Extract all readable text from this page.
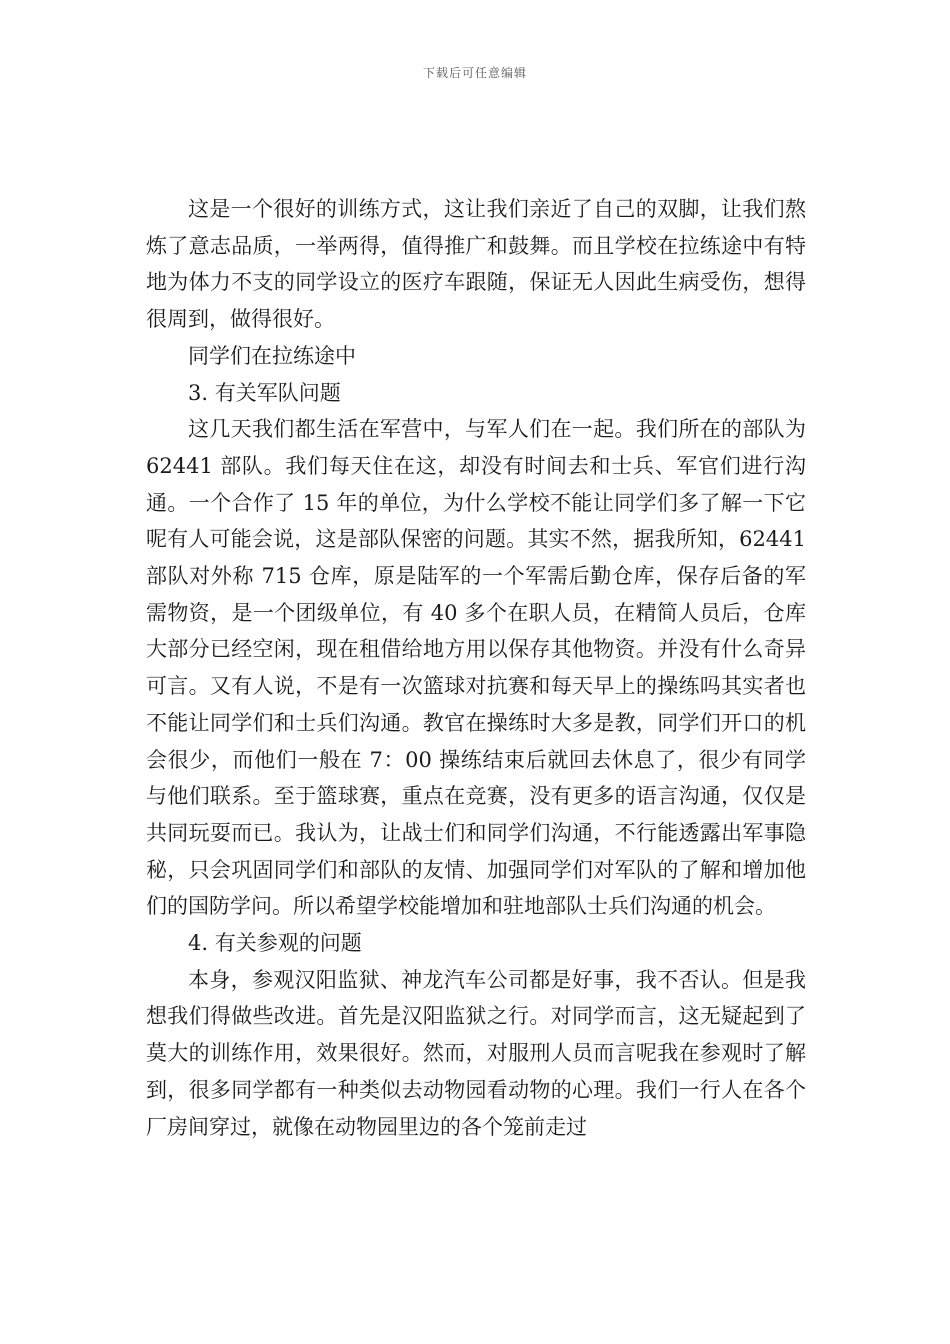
下载后可任意编辑

这是一个很好的训练方式，这让我们亲近了自己的双脚，让我们熬炼了意志品质，一举两得，值得推广和鼓舞。而且学校在拉练途中有特地为体力不支的同学设立的医疗车跟随，保证无人因此生病受伤，想得很周到，做得很好。

同学们在拉练途中

3. 有关军队问题

这几天我们都生活在军营中，与军人们在一起。我们所在的部队为 62441 部队。我们每天住在这，却没有时间去和士兵、军官们进行沟通。一个合作了 15 年的单位，为什么学校不能让同学们多了解一下它呢有人可能会说，这是部队保密的问题。其实不然，据我所知，62441 部队对外称 715 仓库，原是陆军的一个军需后勤仓库，保存后备的军需物资，是一个团级单位，有 40 多个在职人员，在精简人员后，仓库大部分已经空闲，现在租借给地方用以保存其他物资。并没有什么奇异可言。又有人说，不是有一次篮球对抗赛和每天早上的操练吗其实者也不能让同学们和士兵们沟通。教官在操练时大多是教，同学们开口的机会很少，而他们一般在 7：00 操练结束后就回去休息了，很少有同学与他们联系。至于篮球赛，重点在竞赛，没有更多的语言沟通，仅仅是共同玩耍而已。我认为，让战士们和同学们沟通，不行能透露出军事隐秘，只会巩固同学们和部队的友情、加强同学们对军队的了解和增加他们的国防学问。所以希望学校能增加和驻地部队士兵们沟通的机会。

4. 有关参观的问题

本身，参观汉阳监狱、神龙汽车公司都是好事，我不否认。但是我想我们得做些改进。首先是汉阳监狱之行。对同学而言，这无疑起到了莫大的训练作用，效果很好。然而，对服刑人员而言呢我在参观时了解到，很多同学都有一种类似去动物园看动物的心理。我们一行人在各个厂房间穿过，就像在动物园里边的各个笼前走过
